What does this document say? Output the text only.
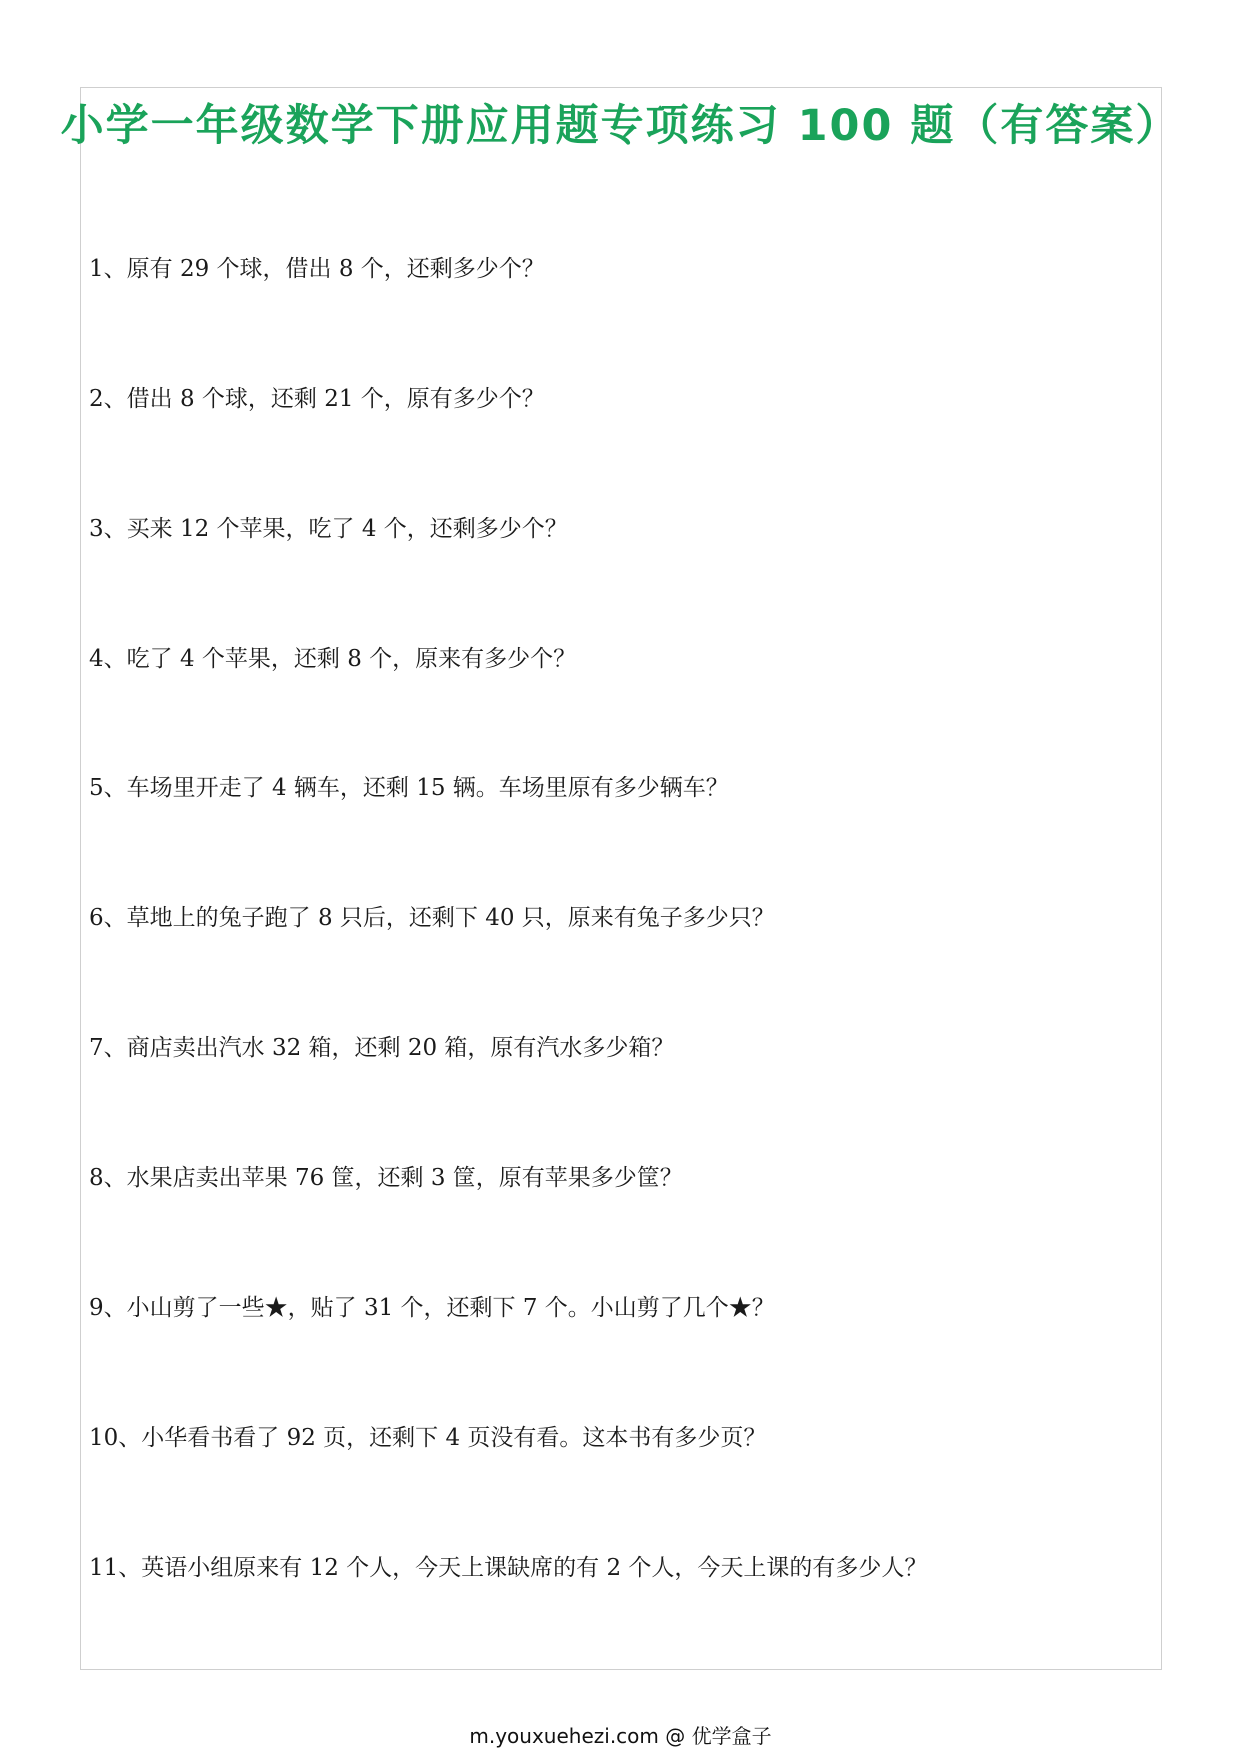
小学一年级数学下册应用题专项练习 100 题（有答案）
1、原有 29 个球，借出 8 个，还剩多少个？
2、借出 8 个球，还剩 21 个，原有多少个？
3、买来 12 个苹果，吃了 4 个，还剩多少个？
4、吃了 4 个苹果，还剩 8 个，原来有多少个？
5、车场里开走了 4 辆车，还剩 15 辆。车场里原有多少辆车？
6、草地上的兔子跑了 8 只后，还剩下 40 只，原来有兔子多少只？
7、商店卖出汽水 32 箱，还剩 20 箱，原有汽水多少箱？
8、水果店卖出苹果 76 筐，还剩 3 筐，原有苹果多少筐？
9、小山剪了一些★，贴了 31 个，还剩下 7 个。小山剪了几个★？
10、小华看书看了 92 页，还剩下 4 页没有看。这本书有多少页？
11、英语小组原来有 12 个人，今天上课缺席的有 2 个人，今天上课的有多少人？
m.youxuehezi.com @ 优学盒子
